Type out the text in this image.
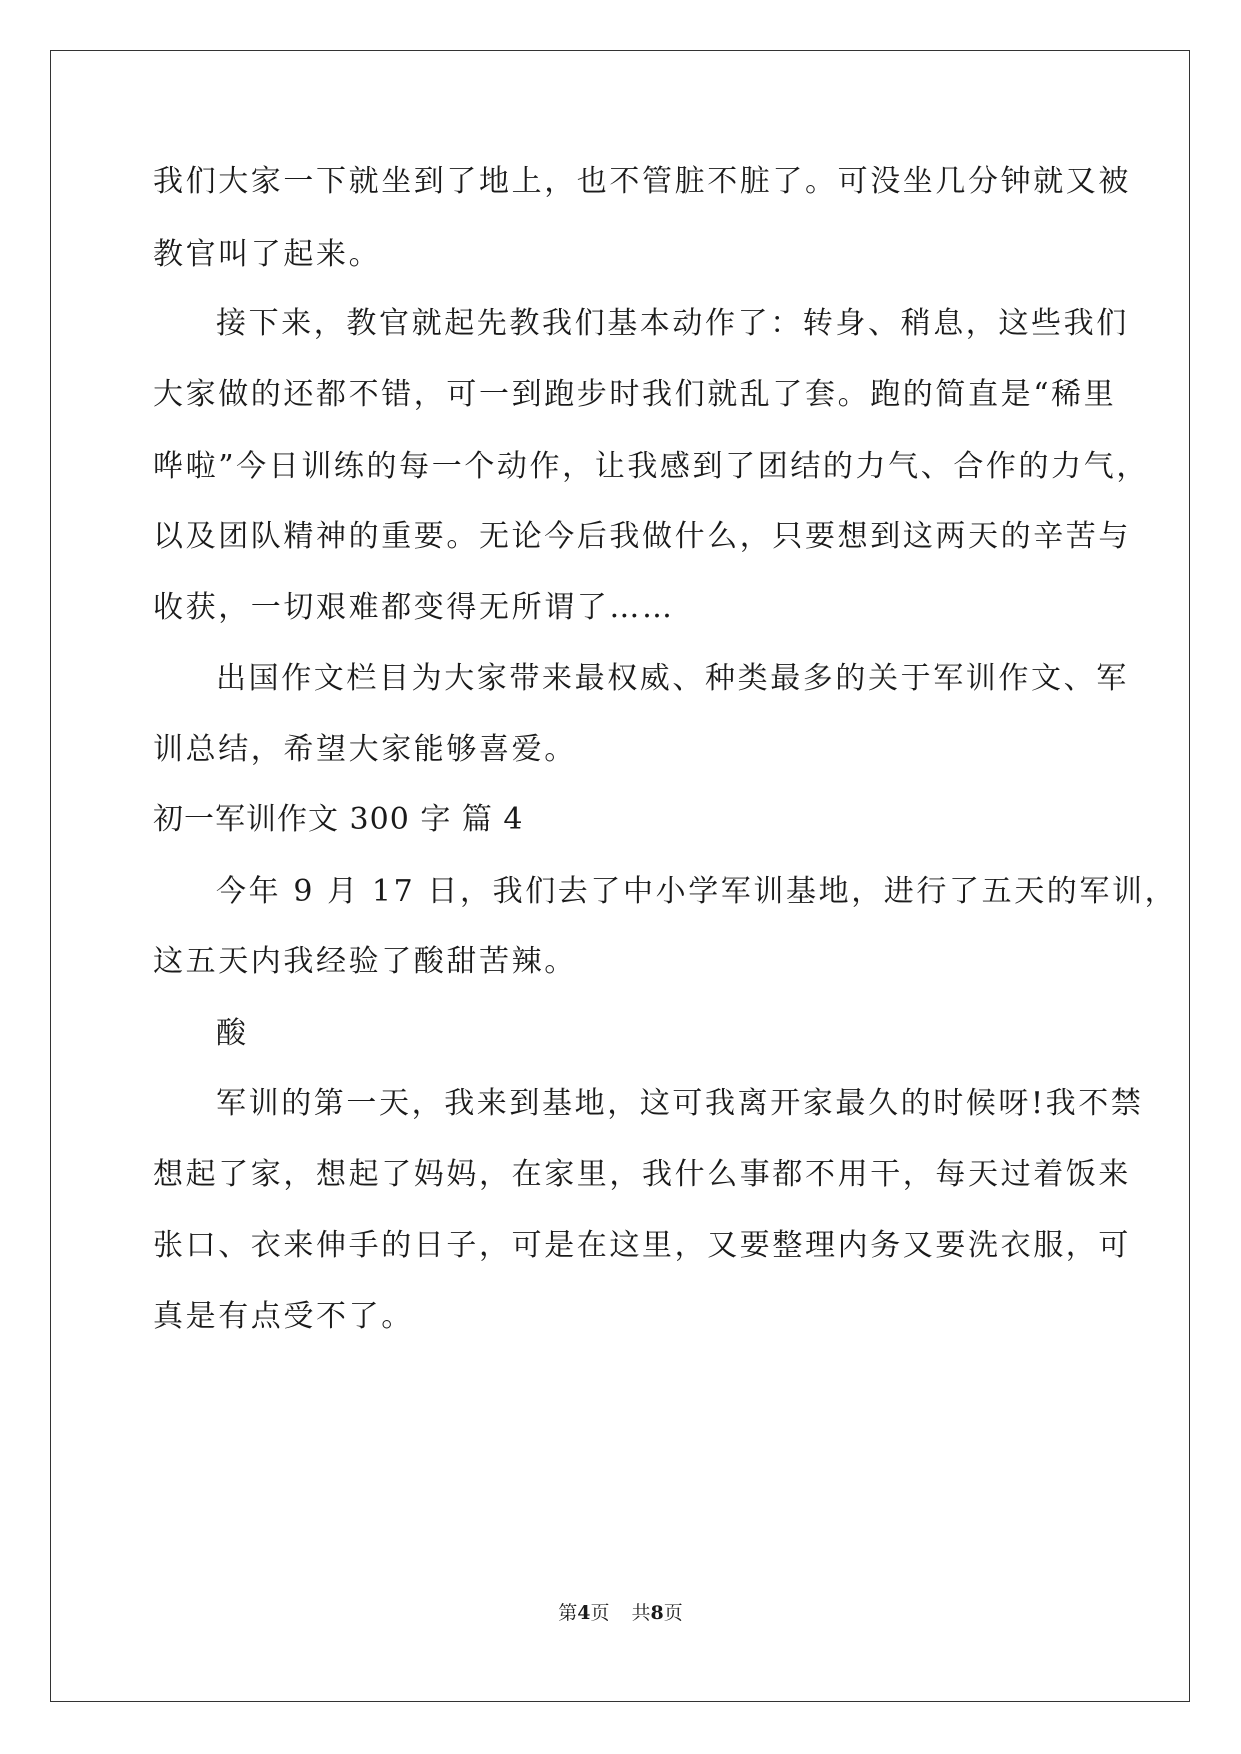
我们大家一下就坐到了地上，也不管脏不脏了。可没坐几分钟就又被
教官叫了起来。
接下来，教官就起先教我们基本动作了：转身、稍息，这些我们
大家做的还都不错，可一到跑步时我们就乱了套。跑的简直是“稀里
哗啦”今日训练的每一个动作，让我感到了团结的力气、合作的力气，
以及团队精神的重要。无论今后我做什么，只要想到这两天的辛苦与
收获，一切艰难都变得无所谓了……
出国作文栏目为大家带来最权威、种类最多的关于军训作文、军
训总结，希望大家能够喜爱。
初一军训作文 300 字 篇 4
今年 9 月 17 日，我们去了中小学军训基地，进行了五天的军训，
这五天内我经验了酸甜苦辣。
酸
军训的第一天，我来到基地，这可我离开家最久的时候呀!我不禁
想起了家，想起了妈妈，在家里，我什么事都不用干，每天过着饭来
张口、衣来伸手的日子，可是在这里，又要整理内务又要洗衣服，可
真是有点受不了。
第4页 共8页
